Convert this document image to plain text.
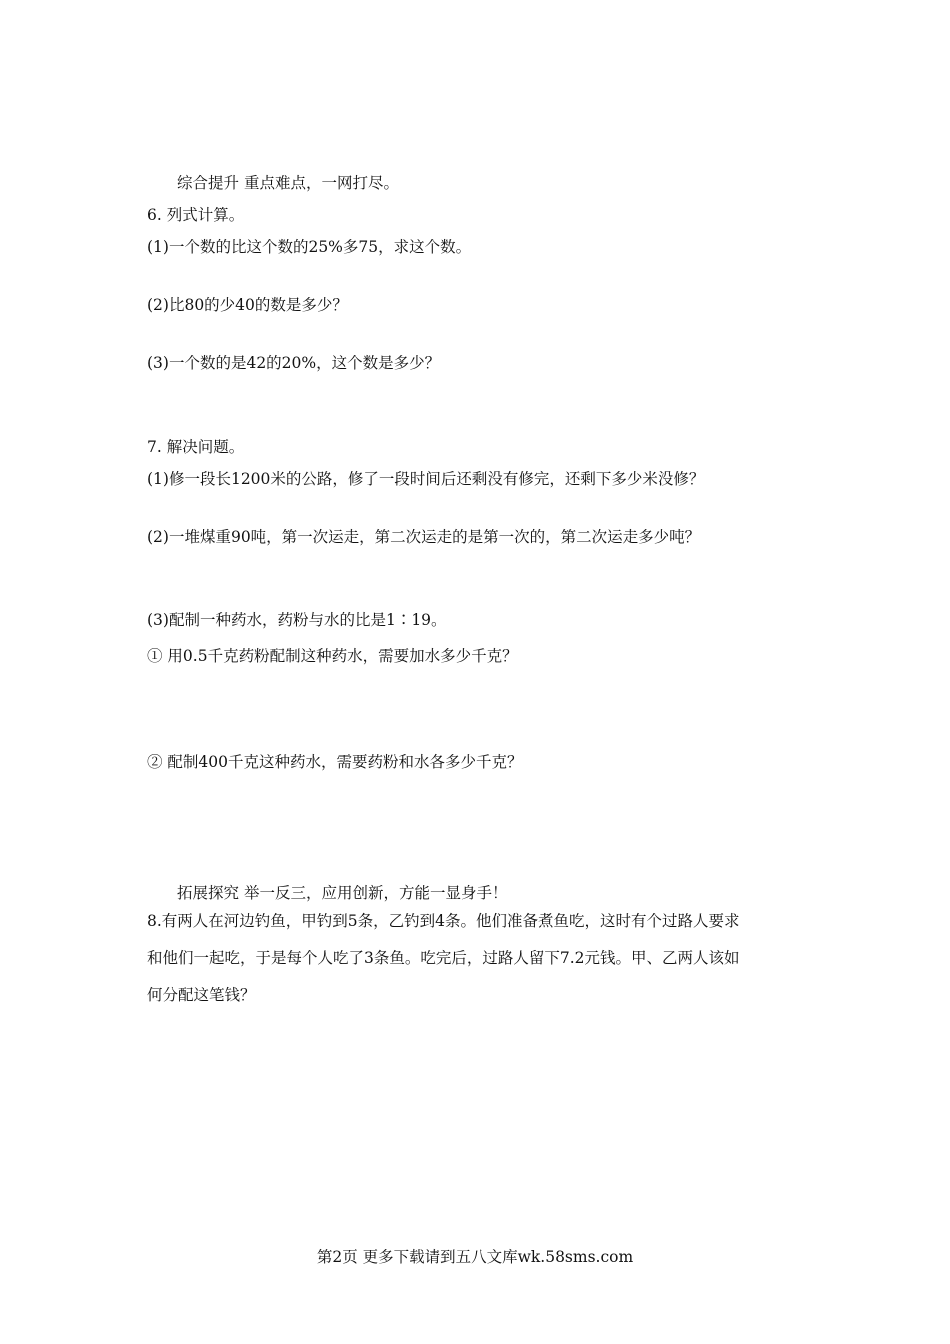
综合提升 重点难点，一网打尽。
6. 列式计算。
(1)一个数的比这个数的25%多75，求这个数。
(2)比80的少40的数是多少？
(3)一个数的是42的20%，这个数是多少？
7. 解决问题。
(1)修一段长1200米的公路，修了一段时间后还剩没有修完，还剩下多少米没修？
(2)一堆煤重90吨，第一次运走，第二次运走的是第一次的，第二次运走多少吨？
(3)配制一种药水，药粉与水的比是1∶19。
① 用0.5千克药粉配制这种药水，需要加水多少千克？
② 配制400千克这种药水，需要药粉和水各多少千克？
拓展探究 举一反三，应用创新，方能一显身手！
8.有两人在河边钓鱼，甲钓到5条，乙钓到4条。他们准备煮鱼吃，这时有个过路人要求
和他们一起吃，于是每个人吃了3条鱼。吃完后，过路人留下7.2元钱。甲、乙两人该如
何分配这笔钱？
第2页 更多下载请到五八文库wk.58sms.com
